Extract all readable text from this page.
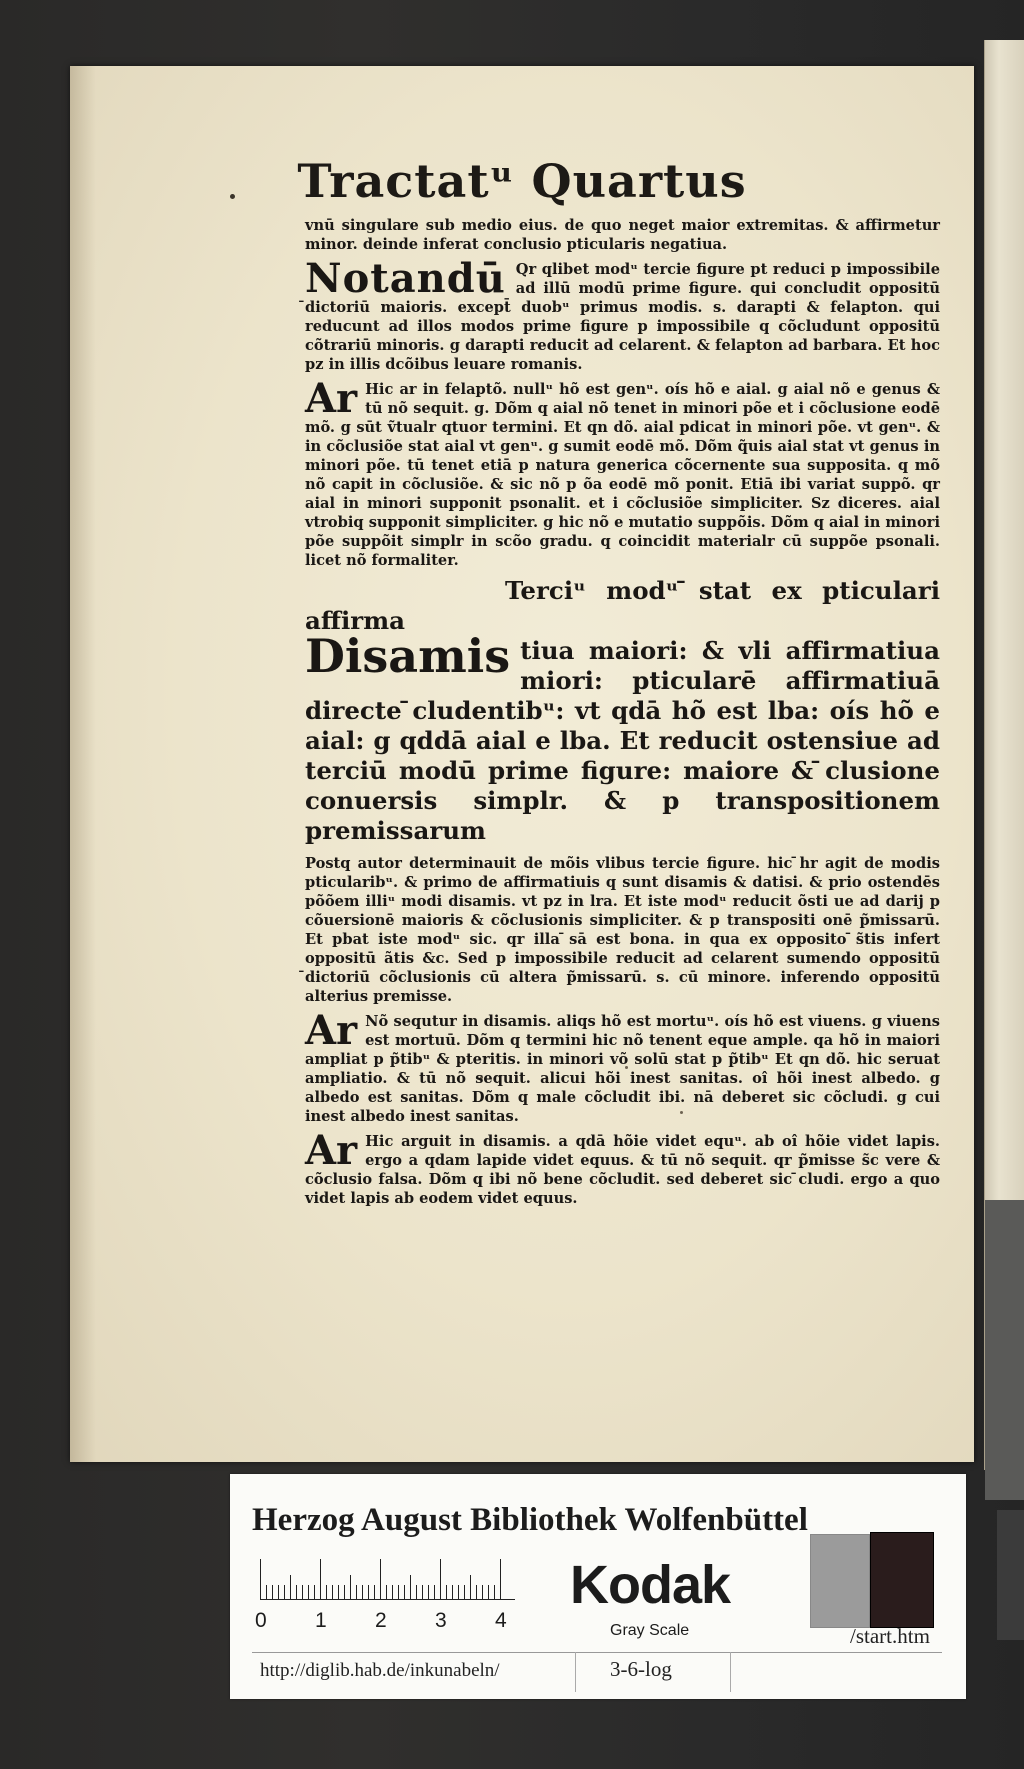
Tractatᵘ Quartus

vnū singulare sub medio eius. de quo neget maior extremitas. & affirmetur minor. deinde inferat conclusio pticularis negatiua.

Notandū Qr qlibet modᵘ tercie figure pt reduci p impossibile ad illū modū prime figure. qui concludit oppositū ̄dictoriū maioris. except̄ duobᵘ primus modis. s. darapti & felapton. qui reducunt ad illos modos prime figure p impossibile q cõcludunt oppositū cõtrariū minoris. g darapti reducit ad celarent. & felapton ad barbara. Et hoc pz in illis dcõibus leuare romanis.

Ar Hic ar in felaptõ. nullᵘ hõ est genᵘ. oís hõ e aial. g aial nõ e genus & tū nõ sequit. g. Dõm q aial nõ tenet in minori põe et i cõclusione eodē mõ. g sūt ṽtualr qtuor termini. Et qn dõ. aial pdicat in minori põe. vt genᵘ. & in cõclusiõe stat aial vt genᵘ. g sumit eodē mõ. Dõm q̃uis aial stat vt genus in minori põe. tū tenet etiā p natura generica cõcernente sua supposita. q mõ nõ capit in cõclusiõe. & sic nõ p õa eodē mõ ponit. Etiā ibi variat suppõ. qr aial in minori supponit psonalit. et i cõclusiõe simpliciter. Sz diceres. aial vtrobiq supponit simpliciter. g hic nõ e mutatio suppõis. Dõm q aial in minori põe suppõit simplr in scõo gradu. q coincidit materialr cū suppõe psonali. licet nõ formaliter.

Terciᵘ modᵘ ̄stat ex pticulari affirma
Disamis tiua maiori: & vli affirmatiua miori: pticularē affirmatiuā directe ̄cludentibᵘ: vt qdā hõ est lba: oís hõ e aial: g qddā aial e lba. Et reducit ostensiue ad terciū modū prime figure: maiore & ̄clusione conuersis simplr. & p transpositionem premissarum

Postq autor determinauit de mõis vlibus tercie figure. hic ̄hr agit de modis pticularibᵘ. & primo de affirmatiuis q sunt disamis & datisi. & prio ostendēs põõem illiᵘ modi disamis. vt pz in lra. Et iste modᵘ reducit õsti ue ad darij p cõuersionē maioris & cõclusionis simpliciter. & p transpositi onē p̃missarū. Et pbat iste modᵘ sic. qr illa ̄sā est bona. in qua ex opposito ̄s̃tis infert oppositū ãtis &c. Sed p impossibile reducit ad celarent sumendo oppositū ̄dictoriū cõclusionis cū altera p̃missarū. s. cū minore. inferendo oppositū alterius premisse.

Ar Nõ sequtur in disamis. aliqs hõ est mortuᵘ. oís hõ est viuens. g viuens est mortuū. Dõm q termini hic nõ tenent eque ample. qa hõ in maiori ampliat p p̃tibᵘ & pteritis. in minori võ solū stat p p̃tibᵘ Et qn dõ. hic seruat ampliatio. & tū nõ sequit. alicui hõi inest sanitas. oî hõi inest albedo. g albedo est sanitas. Dõm q male cõcludit ibi. nā deberet sic cõcludi. g cui inest albedo inest sanitas.

Ar Hic arguit in disamis. a qdā hõie videt equᵘ. ab oî hõie videt lapis. ergo a qdam lapide videt equus. & tū nõ sequit. qr p̃misse s̃c vere & cõclusio falsa. Dõm q ibi nõ bene cõcludit. sed deberet sic ̄cludi. ergo a quo videt lapis ab eodem videt equus.

Herzog August Bibliothek Wolfenbüttel
0 1 2 3 4
Kodak
Gray Scale	/start.htm
http://diglib.hab.de/inkunabeln/	3-6-log
